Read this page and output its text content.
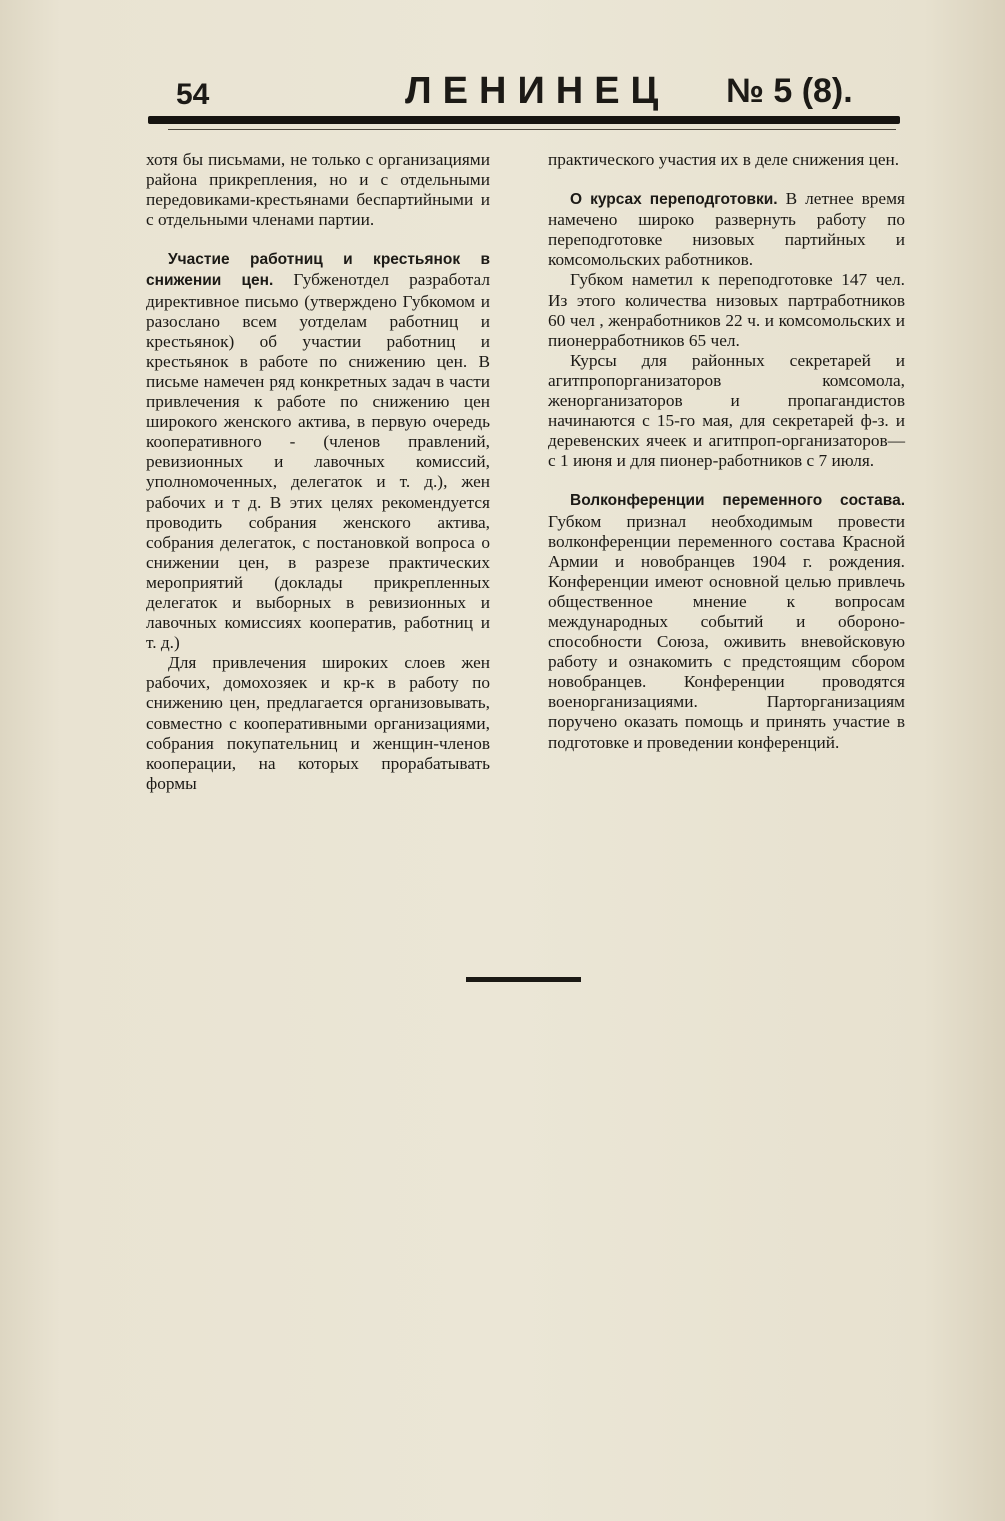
54	ЛЕНИНЕЦ № 5 (8).

хотя бы письмами, не только с организациями района прикрепления, но и с отдельными передовиками-крестьянами беспартийными и с отдельными членами партии.

Участие работниц и крестьянок в снижении цен. Губженотдел разработал директивное письмо (утверждено Губкомом и разослано всем уотделам работниц и крестьянок) об участии работниц и крестьянок в работе по снижению цен. В письме намечен ряд конкретных задач в части привлечения к работе по снижению цен широкого женского актива, в первую очередь кооперативного - (членов правлений, ревизионных и лавочных комиссий, уполномоченных, делегаток и т. д.), жен рабочих и т д. В этих целях рекомендуется проводить собрания женского актива, собрания делегаток, с постановкой вопроса о снижении цен, в разрезе практических мероприятий (доклады прикрепленных делегаток и выборных в ревизионных и лавочных комиссиях кооператив, работниц и т. д.)

Для привлечения широких слоев жен рабочих, домохозяек и кр-к в работу по снижению цен, предлагается организовывать, совместно с кооперативными организациями, собрания покупательниц и женщин-членов кооперации, на которых прорабатывать формы

практического участия их в деле снижения цен.

О курсах переподготовки. В летнее время намечено широко развернуть работу по переподготовке низовых партийных и комсомольских работников.

Губком наметил к переподготовке 147 чел. Из этого количества низовых партработников 60 чел , женработников 22 ч. и комсомольских и пионерработников 65 чел.

Курсы для районных секретарей и агитпропорганизаторов комсомола, женорганизаторов и пропагандистов начинаются с 15-го мая, для секретарей ф-з. и деревенских ячеек и агитпроп-организаторов—с 1 июня и для пионер-работников с 7 июля.

Волконференции переменного состава. Губком признал необходимым провести волконференции переменного состава Красной Армии и новобранцев 1904 г. рождения. Конференции имеют основной целью привлечь общественное мнение к вопросам международных событий и обороно-способности Союза, оживить вневойсковую работу и ознакомить с предстоящим сбором новобранцев. Конференции проводятся военорганизациями. Парторганизациям поручено оказать помощь и принять участие в подготовке и проведении конференций.
